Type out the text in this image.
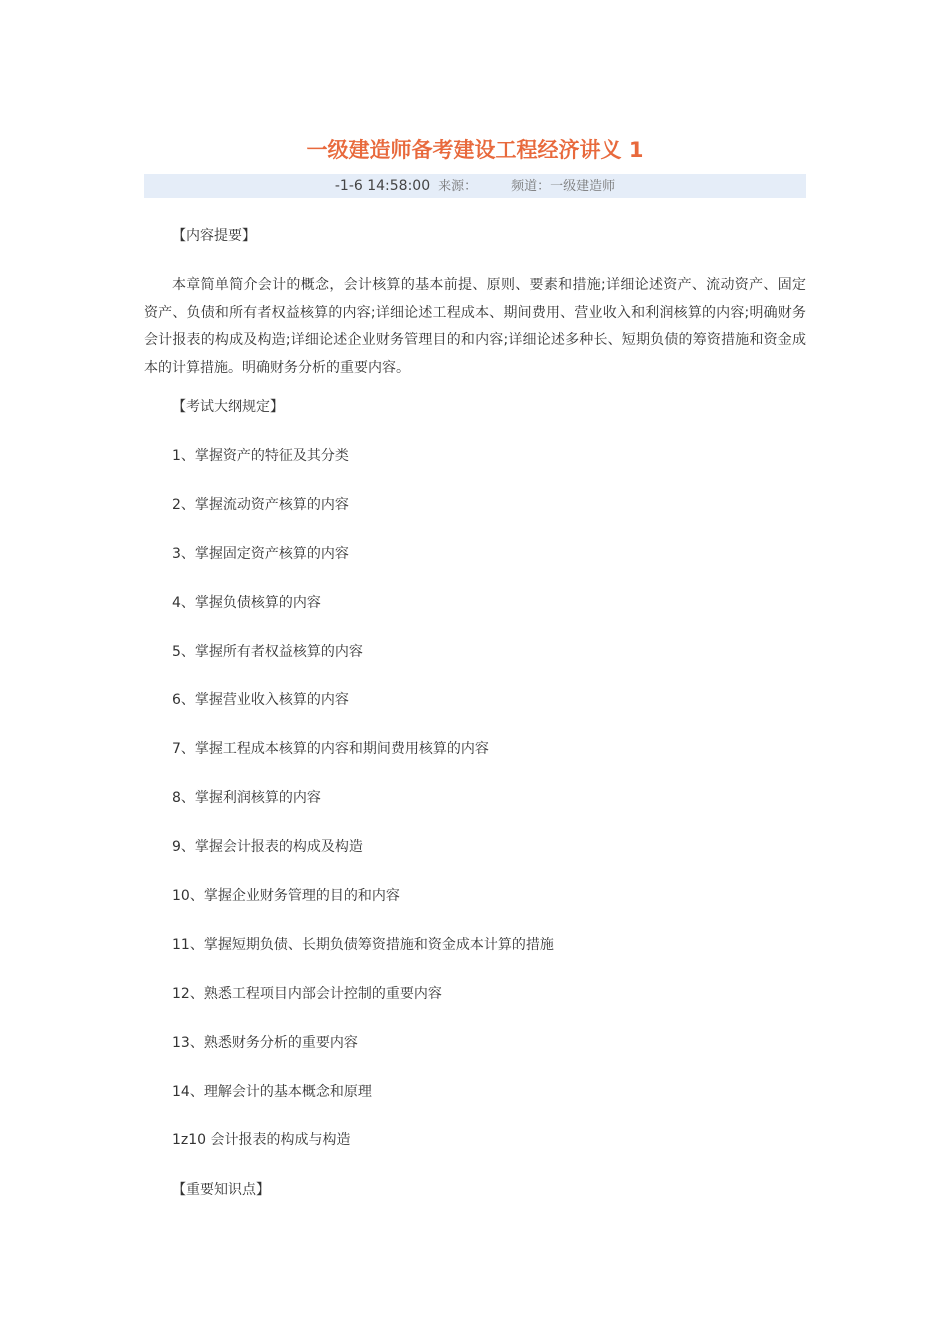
一级建造师备考建设工程经济讲义 1
-1-6 14:58:00 来源：	频道：一级建造师
【内容提要】
本章简单简介会计的概念，会计核算的基本前提、原则、要素和措施;详细论述资产、流动资产、固定资产、负债和所有者权益核算的内容;详细论述工程成本、期间费用、营业收入和利润核算的内容;明确财务会计报表的构成及构造;详细论述企业财务管理目的和内容;详细论述多种长、短期负债的筹资措施和资金成本的计算措施。明确财务分析的重要内容。
【考试大纲规定】
1、掌握资产的特征及其分类
2、掌握流动资产核算的内容
3、掌握固定资产核算的内容
4、掌握负债核算的内容
5、掌握所有者权益核算的内容
6、掌握营业收入核算的内容
7、掌握工程成本核算的内容和期间费用核算的内容
8、掌握利润核算的内容
9、掌握会计报表的构成及构造
10、掌握企业财务管理的目的和内容
11、掌握短期负债、长期负债筹资措施和资金成本计算的措施
12、熟悉工程项目内部会计控制的重要内容
13、熟悉财务分析的重要内容
14、理解会计的基本概念和原理
1z10 会计报表的构成与构造
【重要知识点】
